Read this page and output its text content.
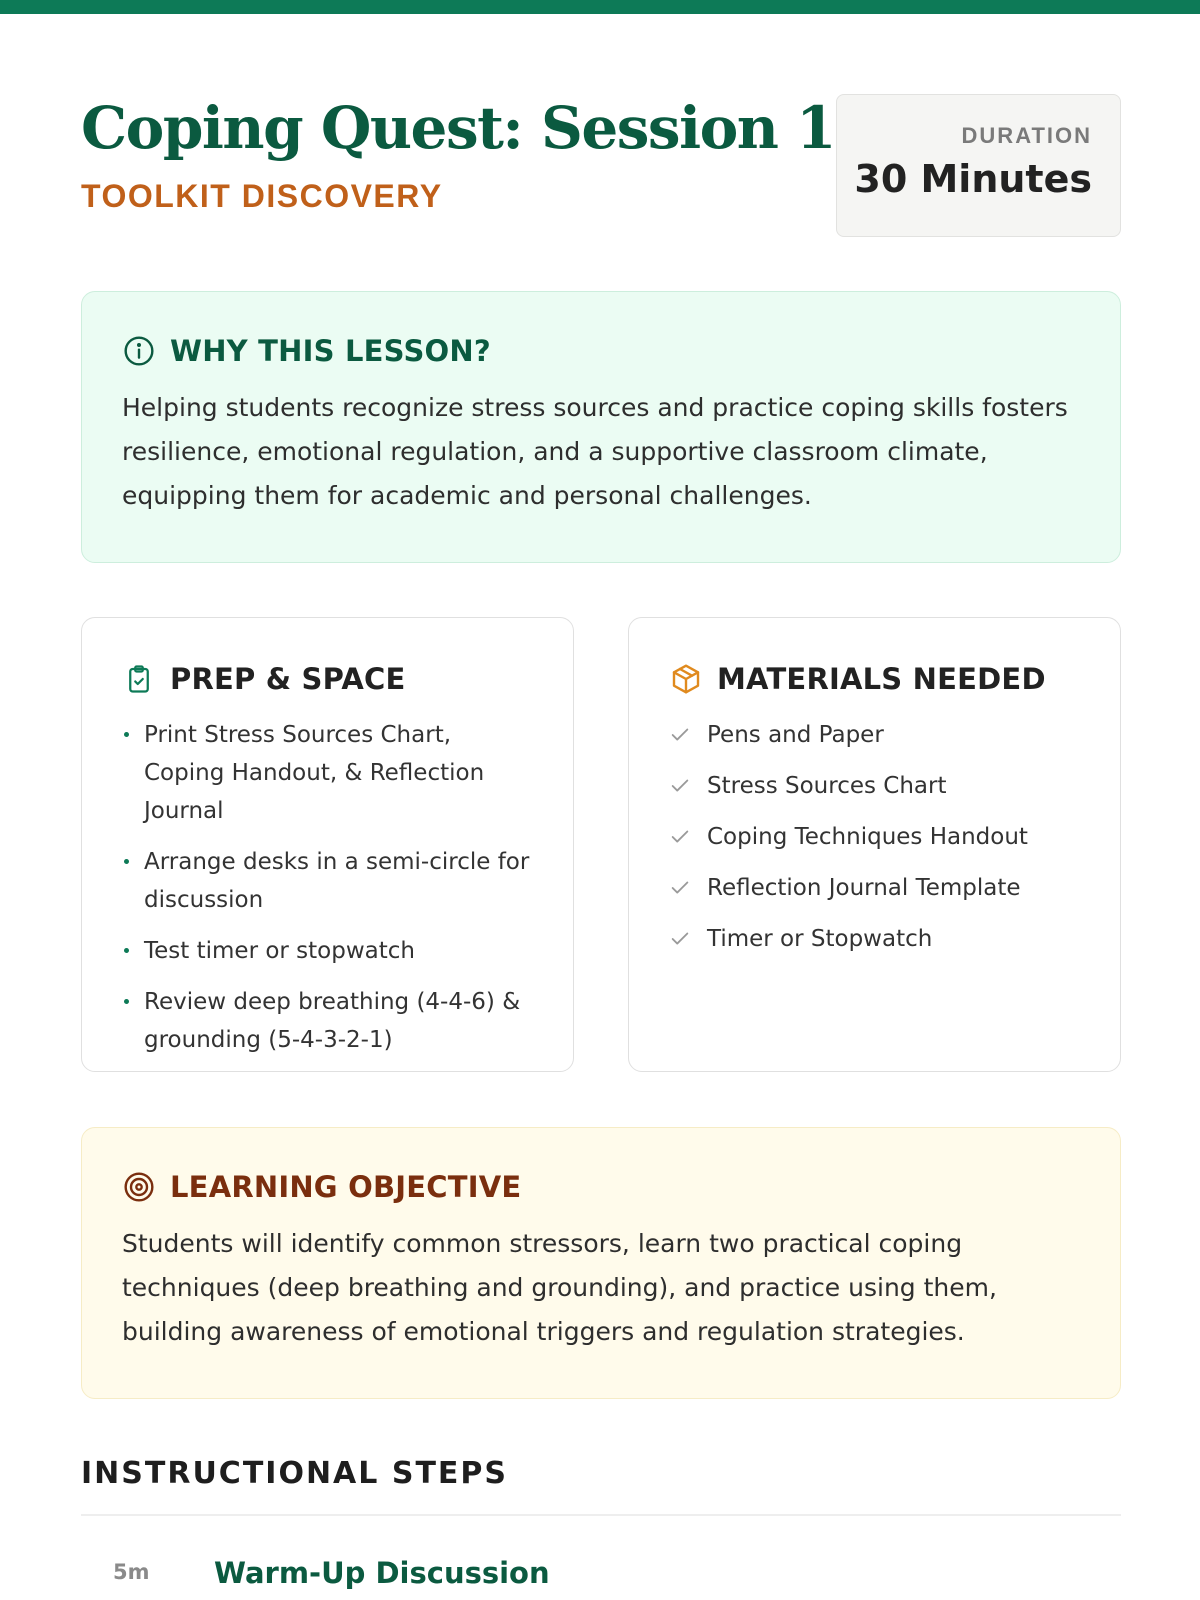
Coping Quest: Session 1
TOOLKIT DISCOVERY
DURATION
30 Minutes
WHY THIS LESSON?

Helping students recognize stress sources and practice coping skills fosters resilience, emotional regulation, and a supportive classroom climate, equipping them for academic and personal challenges.

PREP & SPACE
Print Stress Sources Chart, Coping Handout, & Reflection Journal
Arrange desks in a semi-circle for discussion
Test timer or stopwatch
Review deep breathing (4-4-6) & grounding (5-4-3-2-1)
MATERIALS NEEDED
Pens and Paper
Stress Sources Chart
Coping Techniques Handout
Reflection Journal Template
Timer or Stopwatch
LEARNING OBJECTIVE

Students will identify common stressors, learn two practical coping techniques (deep breathing and grounding), and practice using them, building awareness of emotional triggers and regulation strategies.

INSTRUCTIONAL STEPS
5m Warm-Up Discussion
